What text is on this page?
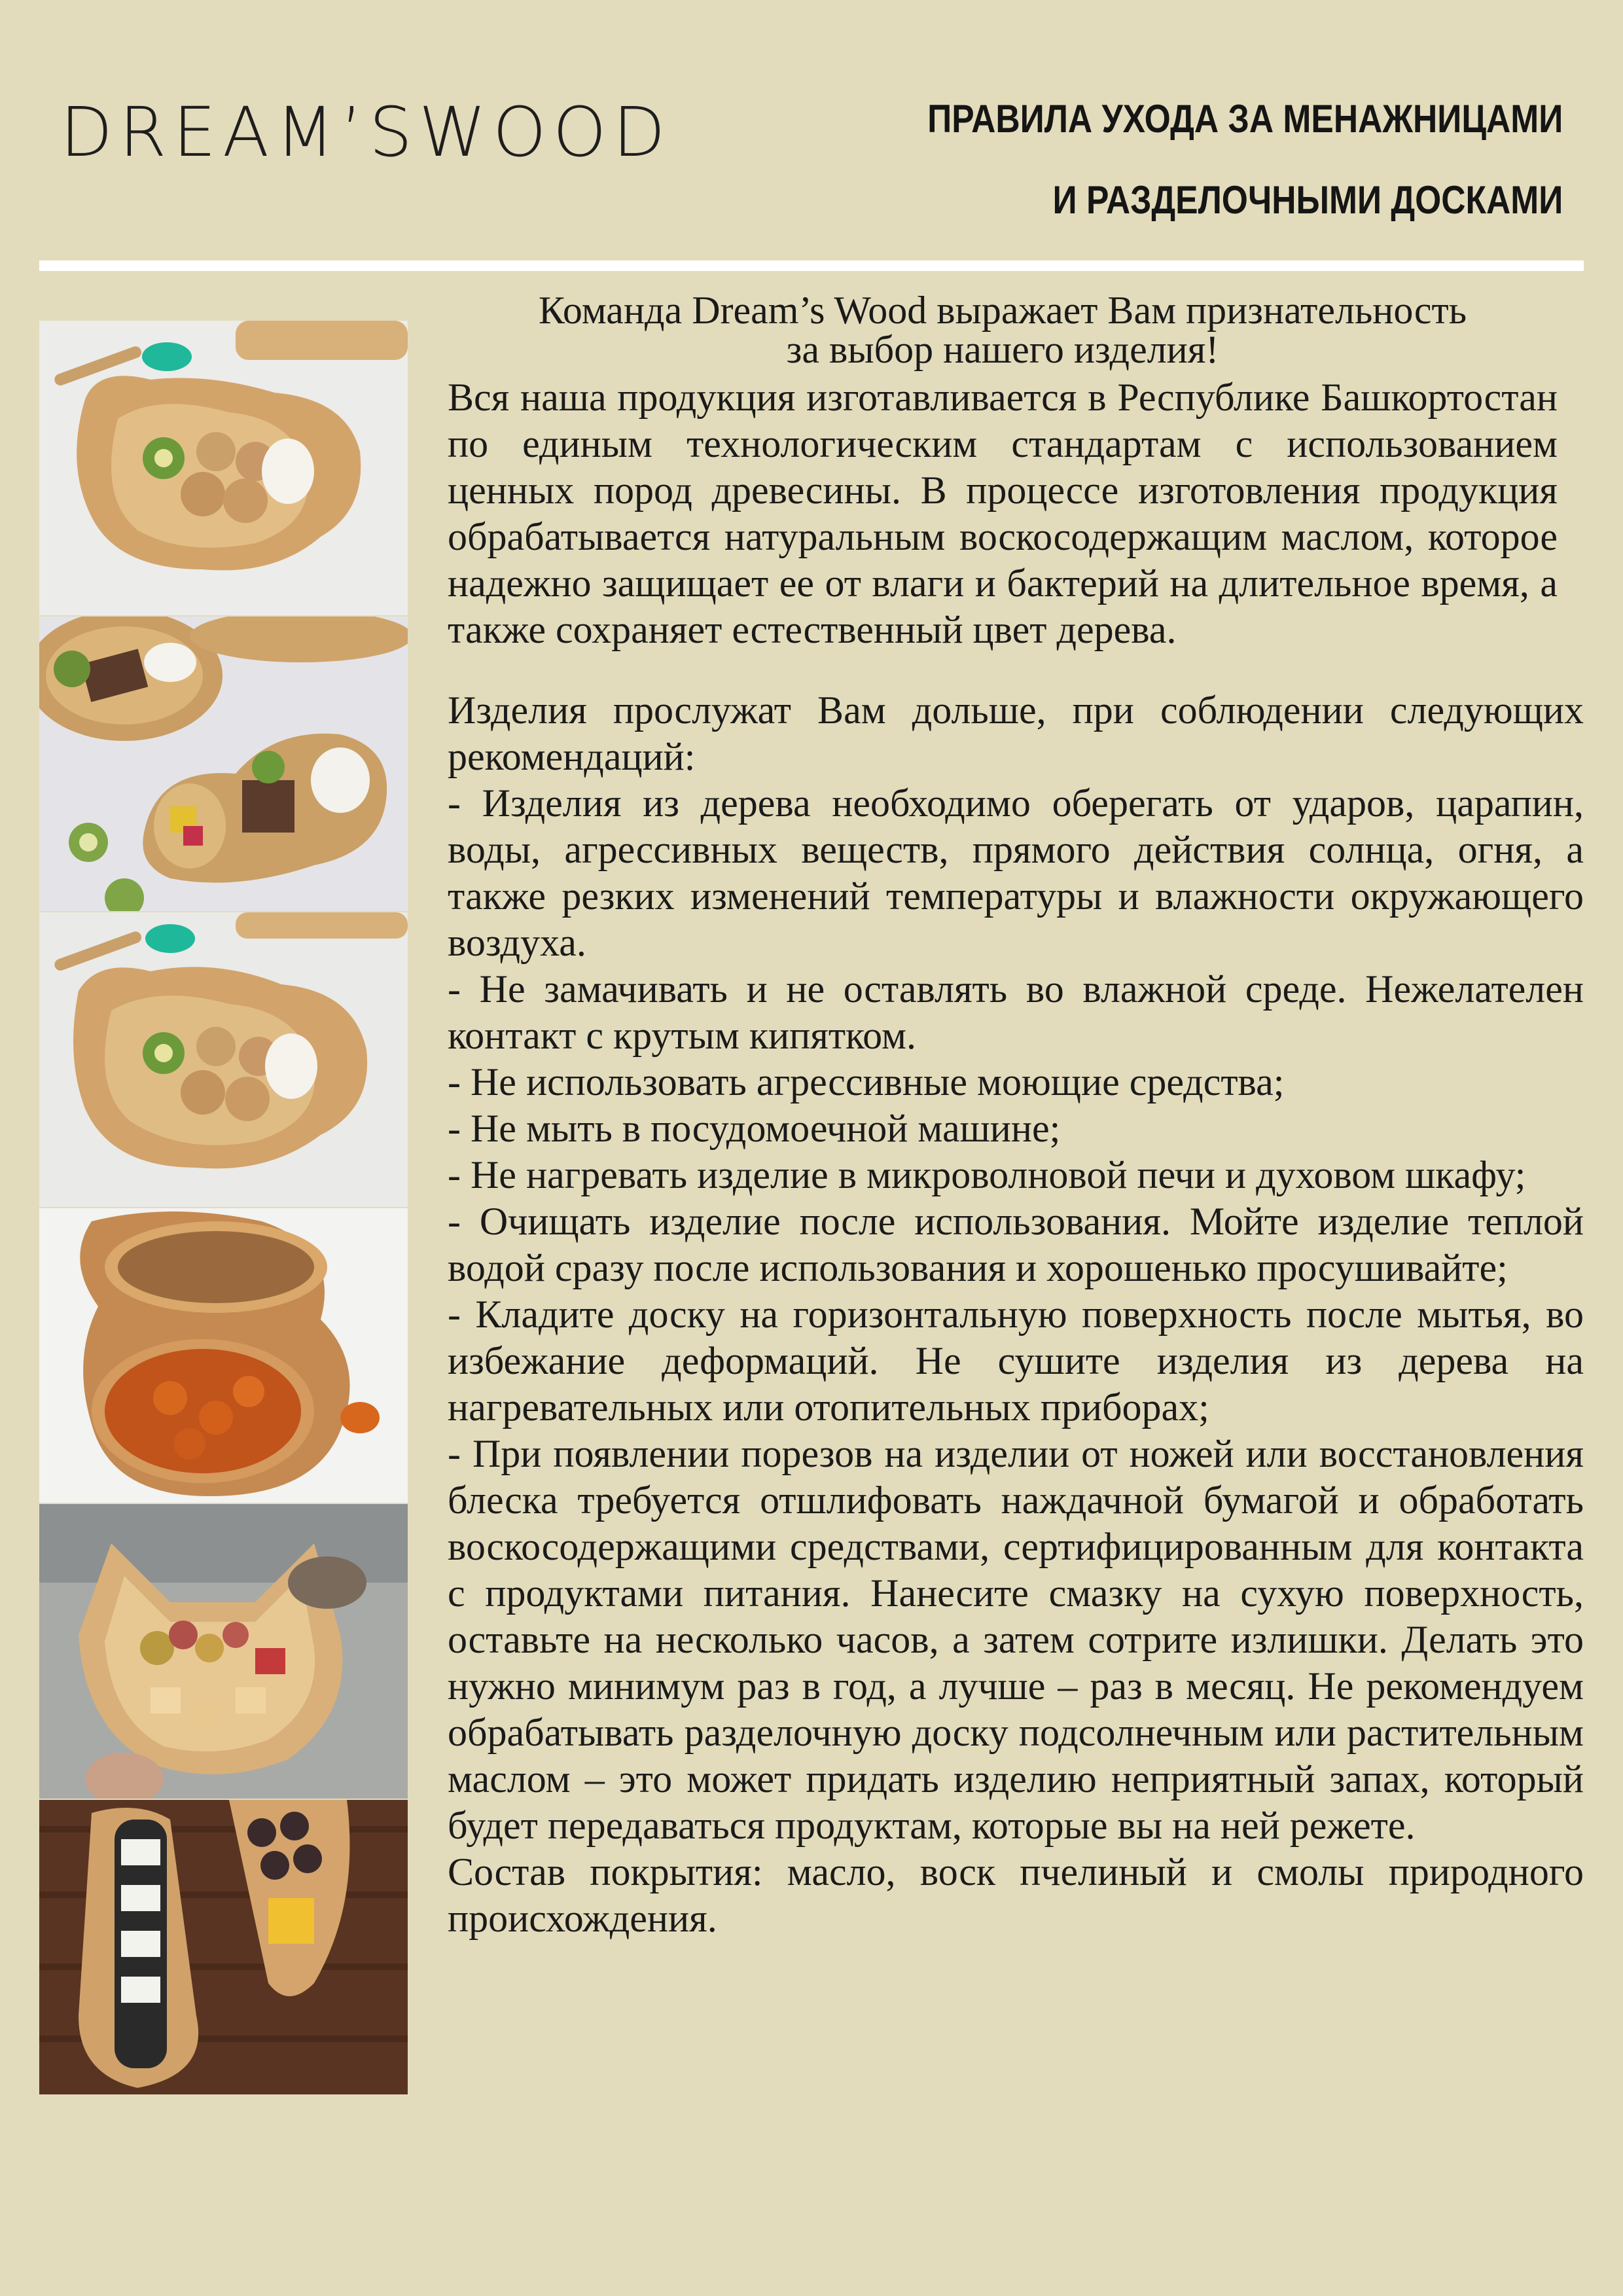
DREAM’SWOOD	ПРАВИЛА УХОДА ЗА МЕНАЖНИЦАМИ
И РАЗДЕЛОЧНЫМИ ДОСКАМИ
Команда Dream’s Wood выражает Вам признательность
за выбор нашего изделия!

Вся наша продукция изготавливается в Республике Башкортостан по единым технологическим стандартам с использованием ценных пород древесины. В процессе изготовления продукция обрабатывается натуральным воскосодержащим маслом, которое надежно защищает ее от влаги и бактерий на длительное время, а также сохраняет естественный цвет дерева.

Изделия прослужат Вам дольше, при соблюдении следующих рекомендаций:

- Изделия из дерева необходимо оберегать от ударов, царапин, воды, агрессивных веществ, прямого действия солнца, огня, а также резких изменений температуры и влажности окружающего воздуха.

- Не замачивать и не оставлять во влажной среде. Нежелателен контакт с крутым кипятком.

- Не использовать агрессивные моющие средства;

- Не мыть в посудомоечной машине;

- Не нагревать изделие в микроволновой печи и духовом шкафу;

- Очищать изделие после использования. Мойте изделие теплой водой сразу после использования и хорошенько просушивайте;

- Кладите доску на горизонтальную поверхность после мытья, во избежание деформаций. Не сушите изделия из дерева на нагревательных или отопительных приборах;

- При появлении порезов на изделии от ножей или восстановления блеска требуется отшлифовать наждачной бумагой и обработать воскосодержащими средствами, сертифицированным для контакта с продуктами питания. Нанесите смазку на сухую поверхность, оставьте на несколько часов, а затем сотрите излишки. Делать это нужно минимум раз в год, а лучше – раз в месяц. Не рекомендуем обрабатывать разделочную доску подсолнечным или растительным маслом – это может придать изделию неприятный запах, который будет передаваться продуктам, которые вы на ней режете.

Состав покрытия: масло, воск пчелиный и смолы природного происхождения.
